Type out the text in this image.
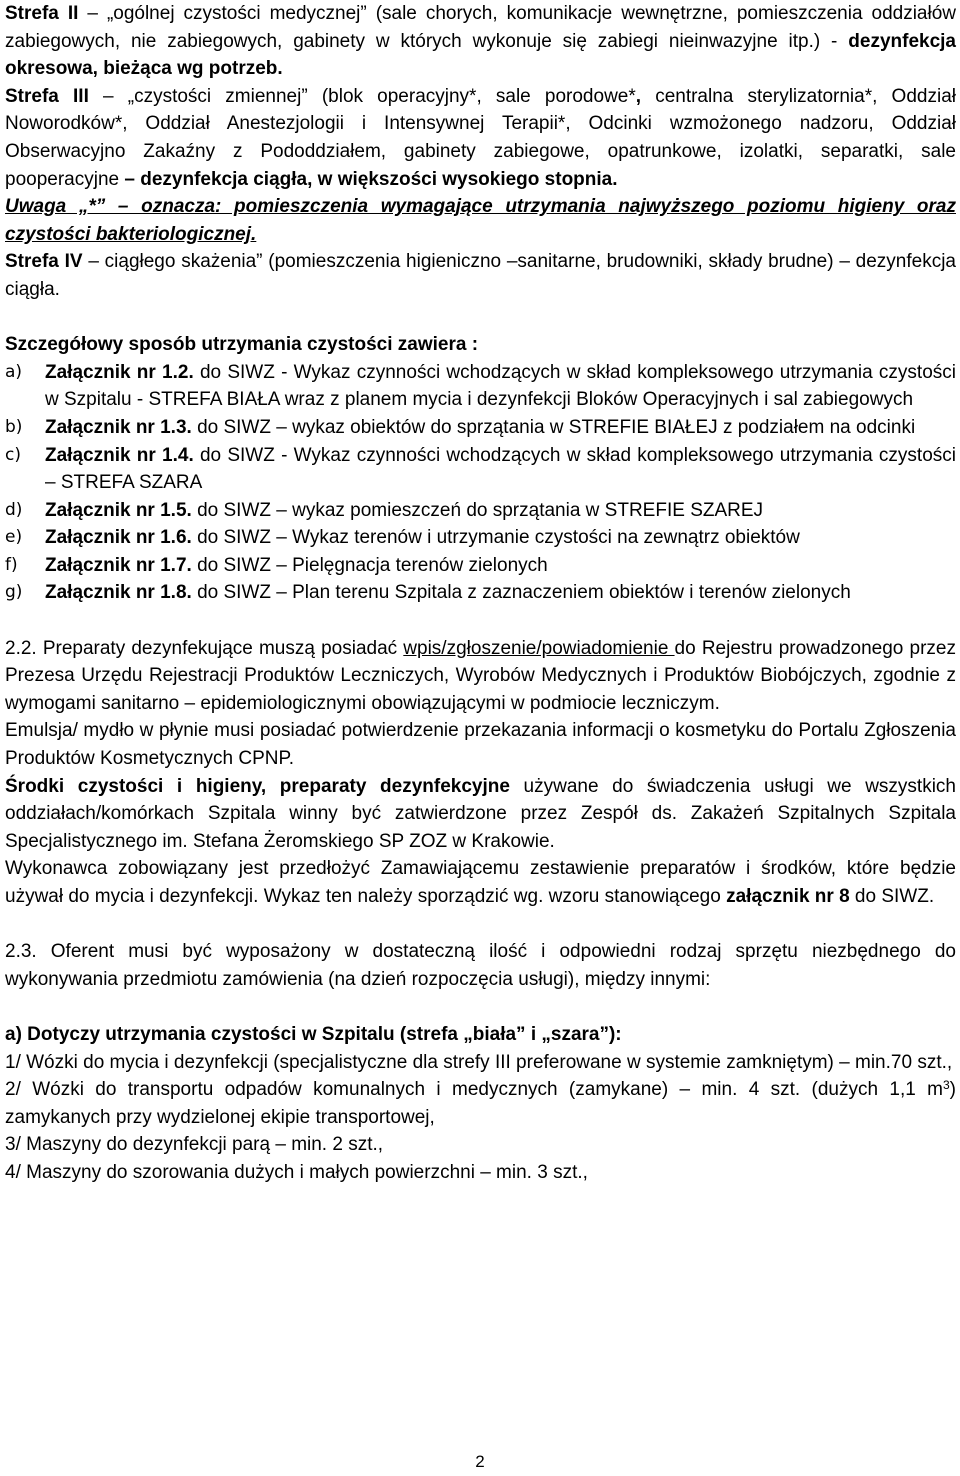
Strefa II – „ogólnej czystości medycznej” (sale chorych, komunikacje wewnętrzne, pomieszczenia oddziałów zabiegowych, nie zabiegowych, gabinety w których wykonuje się zabiegi nieinwazyjne itp.) - dezynfekcja okresowa, bieżąca wg potrzeb.

Strefa III – „czystości zmiennej” (blok operacyjny*, sale porodowe*, centralna sterylizatornia*, Oddział Noworodków*, Oddział Anestezjologii i Intensywnej Terapii*, Odcinki wzmożonego nadzoru, Oddział Obserwacyjno Zakaźny z Pododdziałem, gabinety zabiegowe, opatrunkowe, izolatki, separatki, sale pooperacyjne – dezynfekcja ciągła, w większości wysokiego stopnia.

Uwaga „*” – oznacza: pomieszczenia wymagające utrzymania najwyższego poziomu higieny oraz czystości bakteriologicznej.

Strefa IV – ciągłego skażenia” (pomieszczenia higieniczno –sanitarne, brudowniki, składy brudne) – dezynfekcja ciągła.

Szczegółowy sposób utrzymania czystości zawiera :

a) Załącznik nr 1.2. do SIWZ - Wykaz czynności wchodzących w skład kompleksowego utrzymania czystości w Szpitalu - STREFA BIAŁA wraz z planem mycia i dezynfekcji Bloków Operacyjnych i sal zabiegowych
b) Załącznik nr 1.3. do SIWZ – wykaz obiektów do sprzątania w STREFIE BIAŁEJ z podziałem na odcinki
c) Załącznik nr 1.4. do SIWZ - Wykaz czynności wchodzących w skład kompleksowego utrzymania czystości – STREFA SZARA
d) Załącznik nr 1.5. do SIWZ – wykaz pomieszczeń do sprzątania w STREFIE SZAREJ
e) Załącznik nr 1.6. do SIWZ – Wykaz terenów i utrzymanie czystości na zewnątrz obiektów
f) Załącznik nr 1.7. do SIWZ – Pielęgnacja terenów zielonych
g) Załącznik nr 1.8. do SIWZ – Plan terenu Szpitala z zaznaczeniem obiektów i terenów zielonych

2.2. Preparaty dezynfekujące muszą posiadać wpis/zgłoszenie/powiadomienie do Rejestru prowadzonego przez Prezesa Urzędu Rejestracji Produktów Leczniczych, Wyrobów Medycznych i Produktów Biobójczych, zgodnie z wymogami sanitarno – epidemiologicznymi obowiązującymi w podmiocie leczniczym.

Emulsja/ mydło w płynie musi posiadać potwierdzenie przekazania informacji o kosmetyku do Portalu Zgłoszenia Produktów Kosmetycznych CPNP.

Środki czystości i higieny, preparaty dezynfekcyjne używane do świadczenia usługi we wszystkich oddziałach/komórkach Szpitala winny być zatwierdzone przez Zespół ds. Zakażeń Szpitalnych Szpitala Specjalistycznego im. Stefana Żeromskiego SP ZOZ w Krakowie.

Wykonawca zobowiązany jest przedłożyć Zamawiającemu zestawienie preparatów i środków, które będzie używał do mycia i dezynfekcji. Wykaz ten należy sporządzić wg. wzoru stanowiącego załącznik nr 8 do SIWZ.

2.3. Oferent musi być wyposażony w dostateczną ilość i odpowiedni rodzaj sprzętu niezbędnego do wykonywania przedmiotu zamówienia (na dzień rozpoczęcia usługi), między innymi:

a) Dotyczy utrzymania czystości w Szpitalu (strefa „biała” i „szara”):

1/ Wózki do mycia i dezynfekcji (specjalistyczne dla strefy III preferowane w systemie zamkniętym) – min.70 szt.,

2/ Wózki do transportu odpadów komunalnych i medycznych (zamykane) – min. 4 szt. (dużych 1,1 $m^3$) zamykanych przy wydzielonej ekipie transportowej,

3/ Maszyny do dezynfekcji parą – min. 2 szt.,

4/ Maszyny do szorowania dużych i małych powierzchni – min. 3 szt.,

2
